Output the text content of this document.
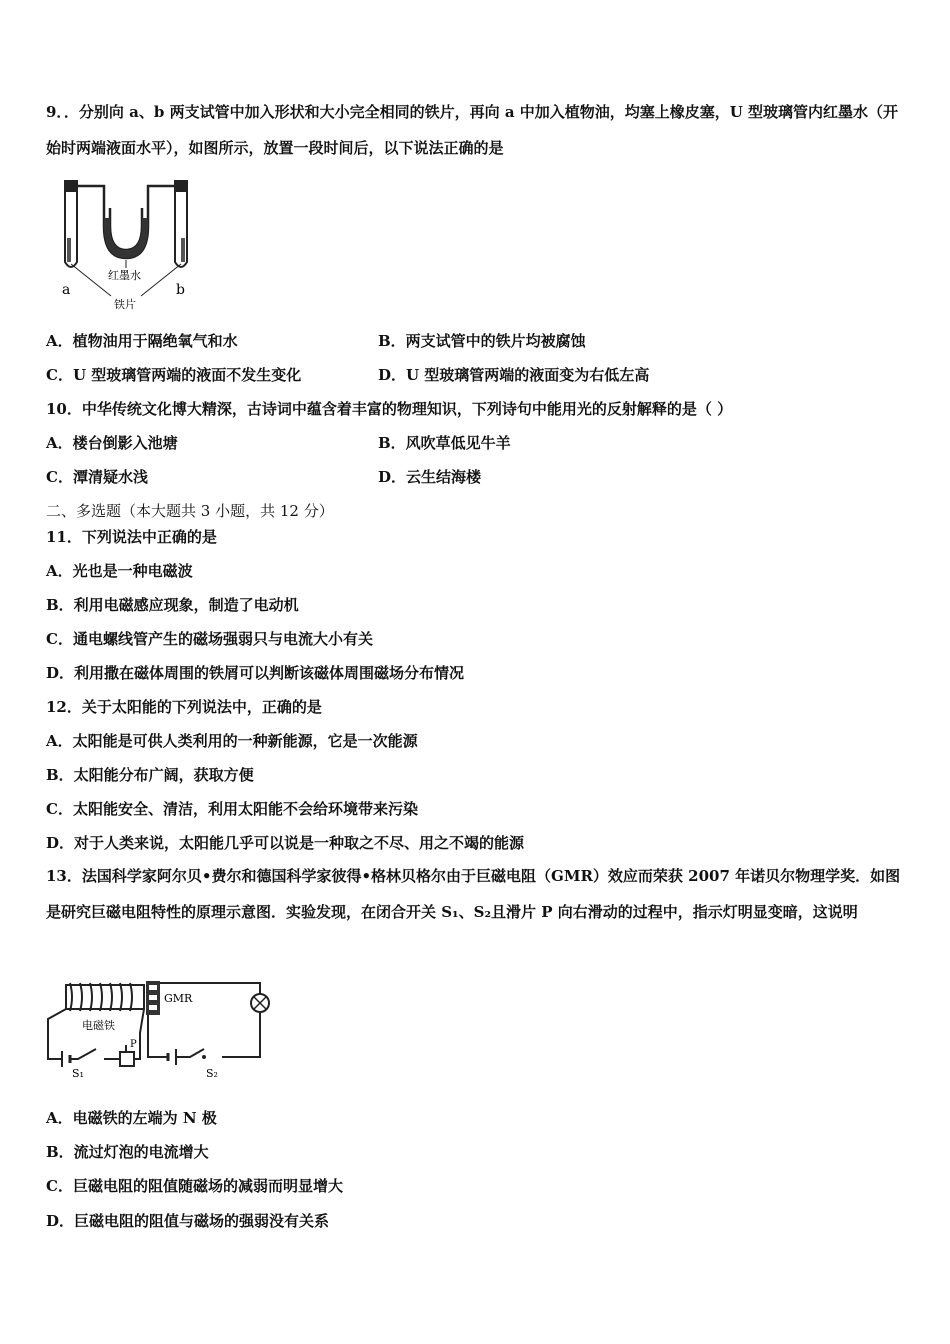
9．．分别向 a、b 两支试管中加入形状和大小完全相同的铁片，再向 a 中加入植物油，均塞上橡皮塞，U 型玻璃管内红墨水（开始时两端液面水平），如图所示，放置一段时间后，以下说法正确的是
红墨水
a	b
铁片
A．植物油用于隔绝氧气和水	B．两支试管中的铁片均被腐蚀
C．U 型玻璃管两端的液面不发生变化	D．U 型玻璃管两端的液面变为右低左高
10．中华传统文化博大精深，古诗词中蕴含着丰富的物理知识，下列诗句中能用光的反射解释的是（ ）
A．楼台倒影入池塘	B．风吹草低见牛羊
C．潭清疑水浅	D．云生结海楼
二、多选题（本大题共 3 小题，共 12 分）
11．下列说法中正确的是
A．光也是一种电磁波
B．利用电磁感应现象，制造了电动机
C．通电螺线管产生的磁场强弱只与电流大小有关
D．利用撒在磁体周围的铁屑可以判断该磁体周围磁场分布情况
12．关于太阳能的下列说法中，正确的是
A．太阳能是可供人类利用的一种新能源，它是一次能源
B．太阳能分布广阔，获取方便
C．太阳能安全、清洁，利用太阳能不会给环境带来污染
D．对于人类来说，太阳能几乎可以说是一种取之不尽、用之不竭的能源
13．法国科学家阿尔贝•费尔和德国科学家彼得•格林贝格尔由于巨磁电阻（GMR）效应而荣获 2007 年诺贝尔物理学奖．如图是研究巨磁电阻特性的原理示意图．实验发现，在闭合开关 S₁、S₂且滑片 P 向右滑动的过程中，指示灯明显变暗，这说明
电磁铁
GMR
P
S₁	S₂
A．电磁铁的左端为 N 极
B．流过灯泡的电流增大
C．巨磁电阻的阻值随磁场的减弱而明显增大
D．巨磁电阻的阻值与磁场的强弱没有关系
